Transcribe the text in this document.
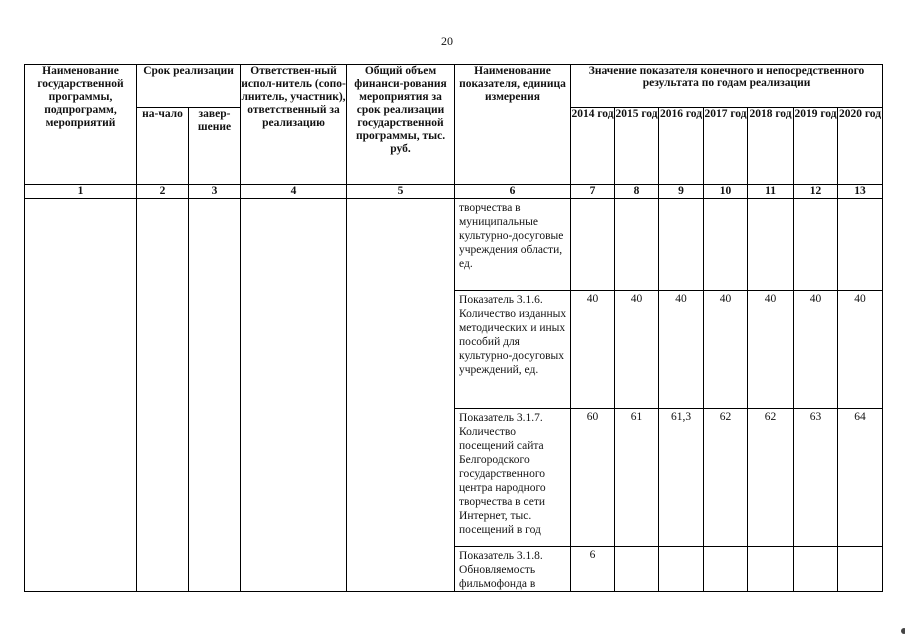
20
Наименование государственной программы, подпрограмм, мероприятий	Срок реализации		Ответствен-ный испол-нитель (сопо-лнитель, участник), ответственный за реализацию	Общий объем финанси-рования мероприятия за срок реализации государственной программы, тыс. руб.	Наименование показателя, единица измерения	Значение показателя конечного и непосредственного результата по годам реализации						
	на-чало	завер-шение				2014 год	2015 год	2016 год	2017 год	2018 год	2019 год	2020 год
1	2	3	4	5	6	7	8	9	10	11	12	13
					творчества в муниципальные культурно-досуговые учреждения области, ед.							
					Показатель 3.1.6. Количество изданных методических и иных пособий для культурно-досуговых учреждений, ед.	40	40	40	40	40	40	40
					Показатель 3.1.7. Количество посещений сайта Белгородского государственного центра народного творчества в сети Интернет, тыс. посещений в год	60	61	61,3	62	62	63	64
					Показатель 3.1.8. Обновляемость фильмофонда в	6						
